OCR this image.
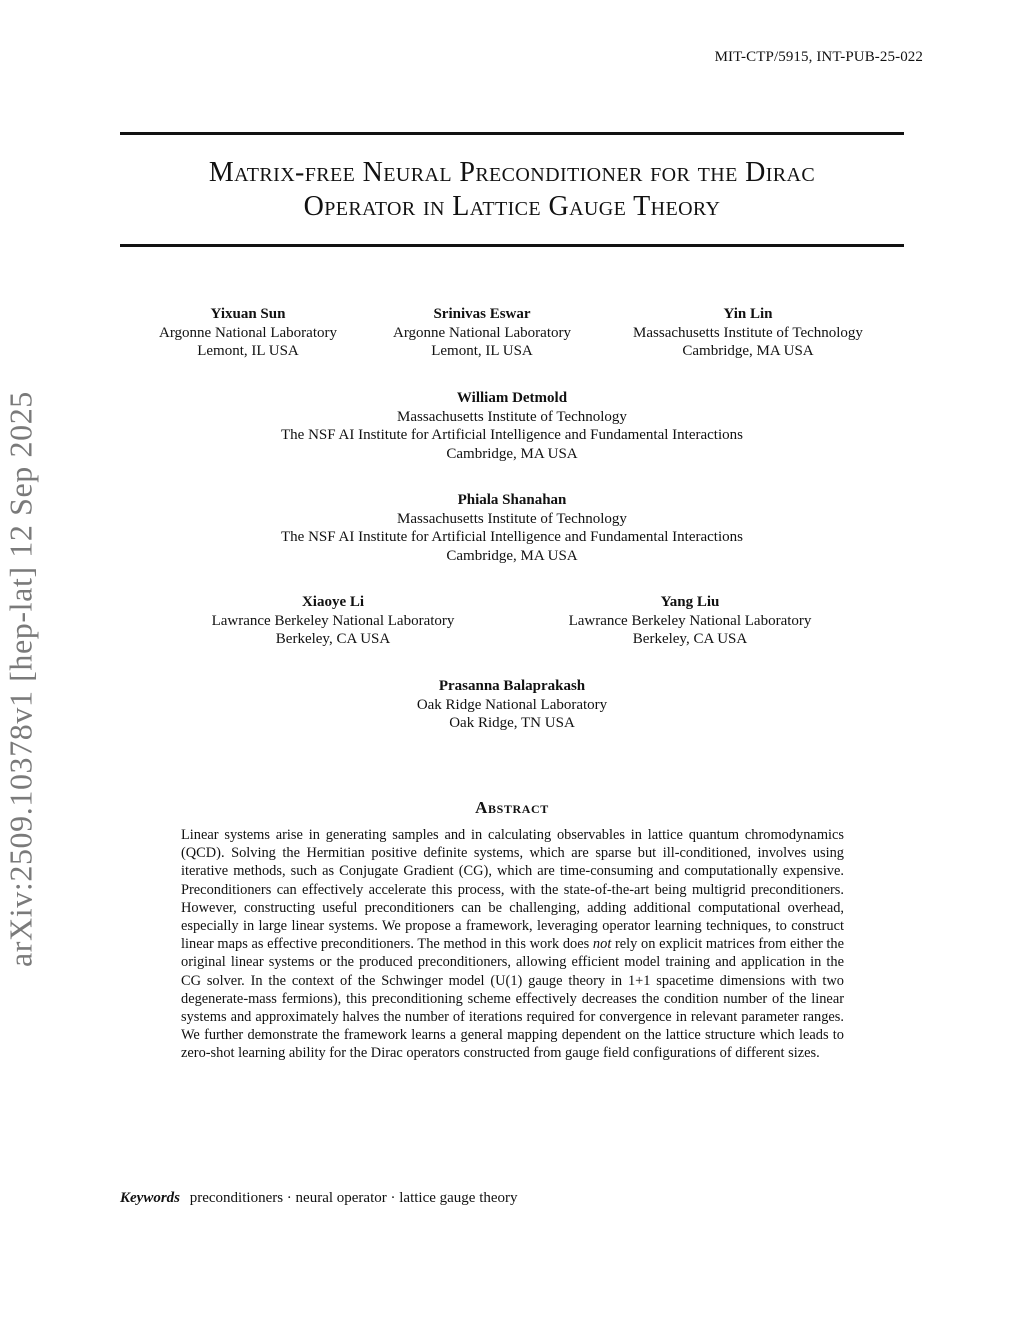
MIT-CTP/5915, INT-PUB-25-022
arXiv:2509.10378v1 [hep-lat] 12 Sep 2025
Matrix-free Neural Preconditioner for the Dirac
Operator in Lattice Gauge Theory
Yixuan Sun
Argonne National Laboratory
Lemont, IL USA
Srinivas Eswar
Argonne National Laboratory
Lemont, IL USA
Yin Lin
Massachusetts Institute of Technology
Cambridge, MA USA
William Detmold
Massachusetts Institute of Technology
The NSF AI Institute for Artificial Intelligence and Fundamental Interactions
Cambridge, MA USA
Phiala Shanahan
Massachusetts Institute of Technology
The NSF AI Institute for Artificial Intelligence and Fundamental Interactions
Cambridge, MA USA
Xiaoye Li
Lawrance Berkeley National Laboratory
Berkeley, CA USA
Yang Liu
Lawrance Berkeley National Laboratory
Berkeley, CA USA
Prasanna Balaprakash
Oak Ridge National Laboratory
Oak Ridge, TN USA
Abstract
Linear systems arise in generating samples and in calculating observables in lattice quantum chromodynamics (QCD). Solving the Hermitian positive definite systems, which are sparse but ill-conditioned, involves using iterative methods, such as Conjugate Gradient (CG), which are time-consuming and computationally expensive. Preconditioners can effectively accelerate this process, with the state-of-the-art being multigrid preconditioners. However, constructing useful preconditioners can be challenging, adding additional computational overhead, especially in large linear systems. We propose a framework, leveraging operator learning techniques, to construct linear maps as effective preconditioners. The method in this work does not rely on explicit matrices from either the original linear systems or the produced preconditioners, allowing efficient model training and application in the CG solver. In the context of the Schwinger model (U(1) gauge theory in 1+1 spacetime dimensions with two degenerate-mass fermions), this preconditioning scheme effectively decreases the condition number of the linear systems and approximately halves the number of iterations required for convergence in relevant parameter ranges. We further demonstrate the framework learns a general mapping dependent on the lattice structure which leads to zero-shot learning ability for the Dirac operators constructed from gauge field configurations of different sizes.
Keywords preconditioners · neural operator · lattice gauge theory
